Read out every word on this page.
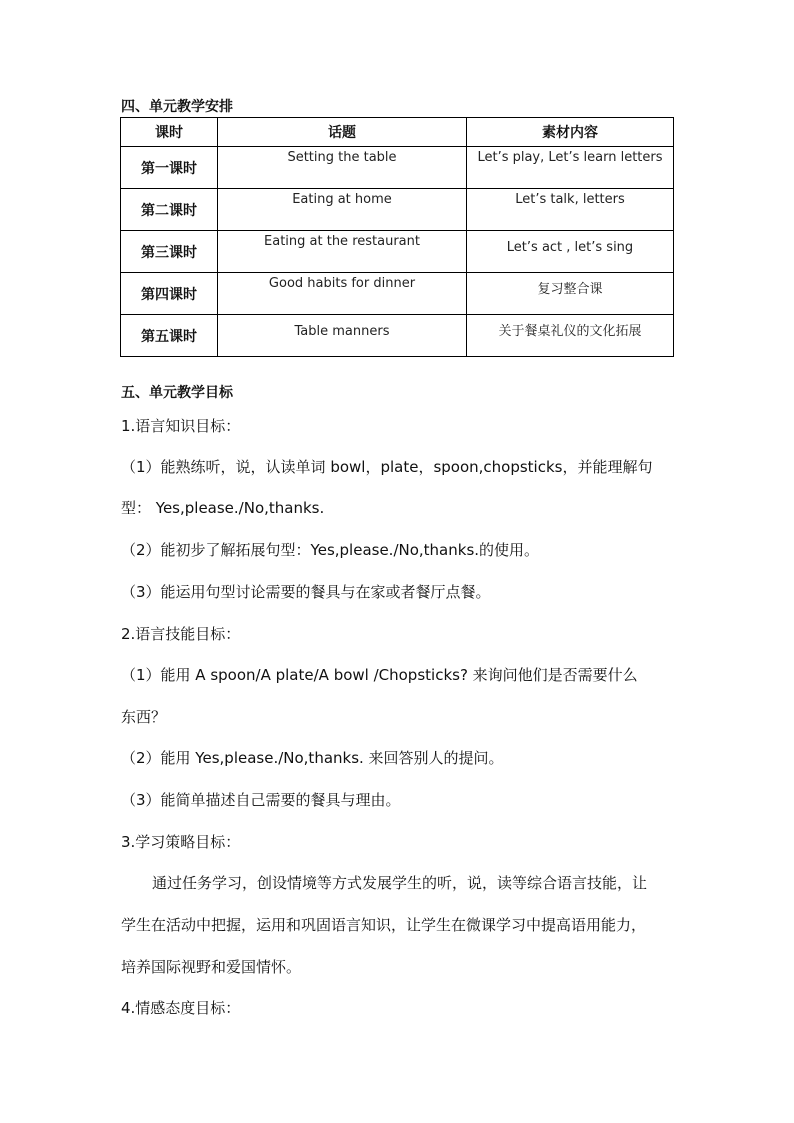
四、单元教学安排
课时	话题	素材内容
第一课时	Setting the table	Let’s play, Let’s learn letters
第二课时	Eating at home	Let’s talk, letters
第三课时	Eating at the restaurant	Let’s act , let’s sing
第四课时	Good habits for dinner	复习整合课
第五课时	Table manners	关于餐桌礼仪的文化拓展
五、单元教学目标
1.语言知识目标：
（1）能熟练听，说，认读单词 bowl，plate，spoon,chopsticks，并能理解句
型： Yes,please./No,thanks.
（2）能初步了解拓展句型：Yes,please./No,thanks.的使用。
（3）能运用句型讨论需要的餐具与在家或者餐厅点餐。
2.语言技能目标：
（1）能用 A spoon/A plate/A bowl /Chopsticks? 来询问他们是否需要什么
东西？
（2）能用 Yes,please./No,thanks. 来回答别人的提问。
（3）能简单描述自己需要的餐具与理由。
3.学习策略目标：
通过任务学习，创设情境等方式发展学生的听，说，读等综合语言技能，让
学生在活动中把握，运用和巩固语言知识，让学生在微课学习中提高语用能力，
培养国际视野和爱国情怀。
4.情感态度目标：
